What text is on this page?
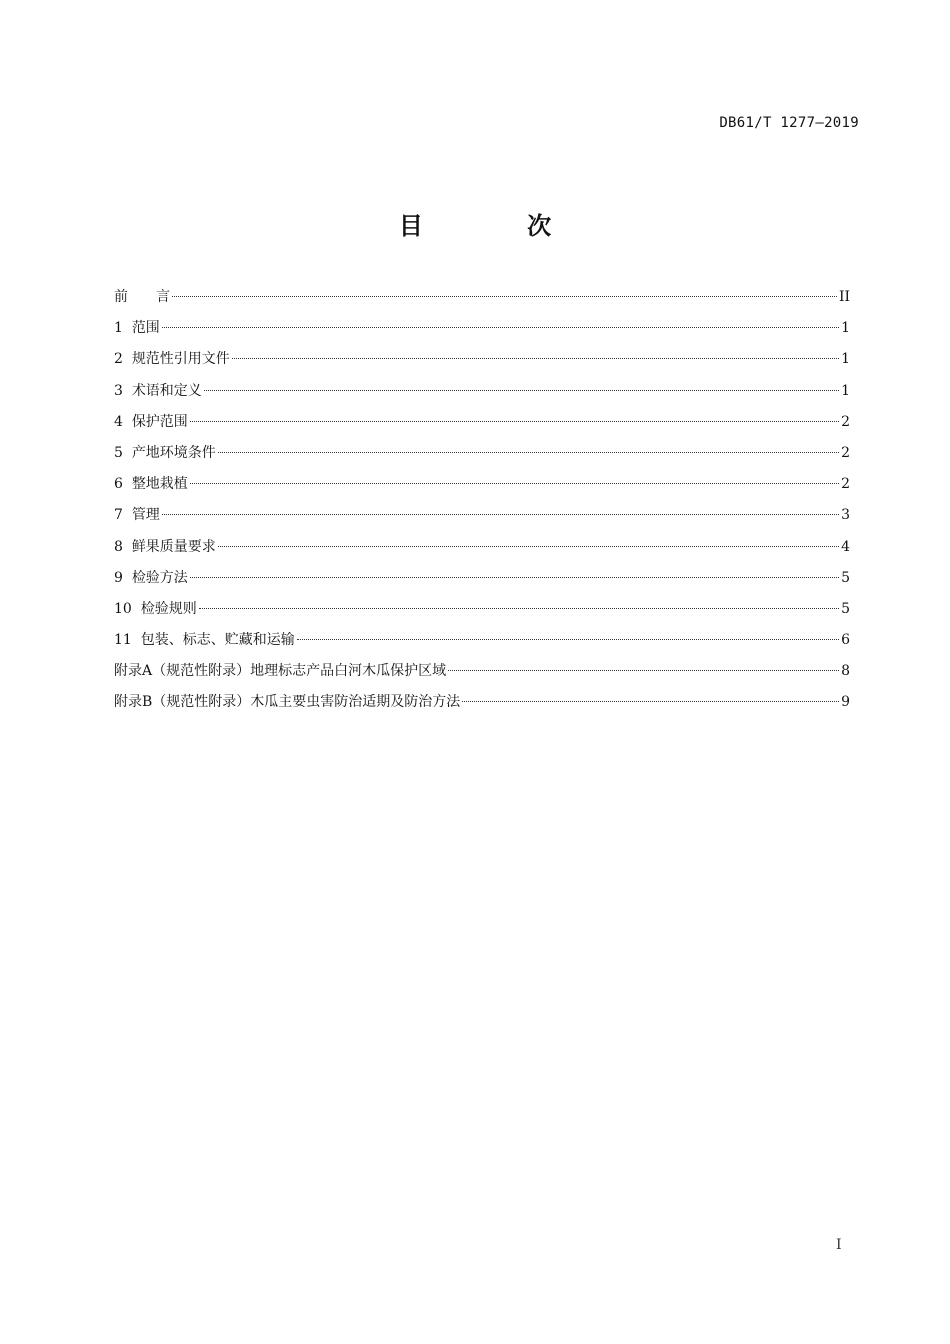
DB61/T 1277—2019
目 次
前　　言	II
1 范围	1
2 规范性引用文件	1
3 术语和定义	1
4 保护范围	2
5 产地环境条件	2
6 整地栽植	2
7 管理	3
8 鲜果质量要求	4
9 检验方法	5
10 检验规则	5
11 包装、标志、贮藏和运输	6
附录A（规范性附录）地理标志产品白河木瓜保护区域	8
附录B（规范性附录）木瓜主要虫害防治适期及防治方法	9
I
